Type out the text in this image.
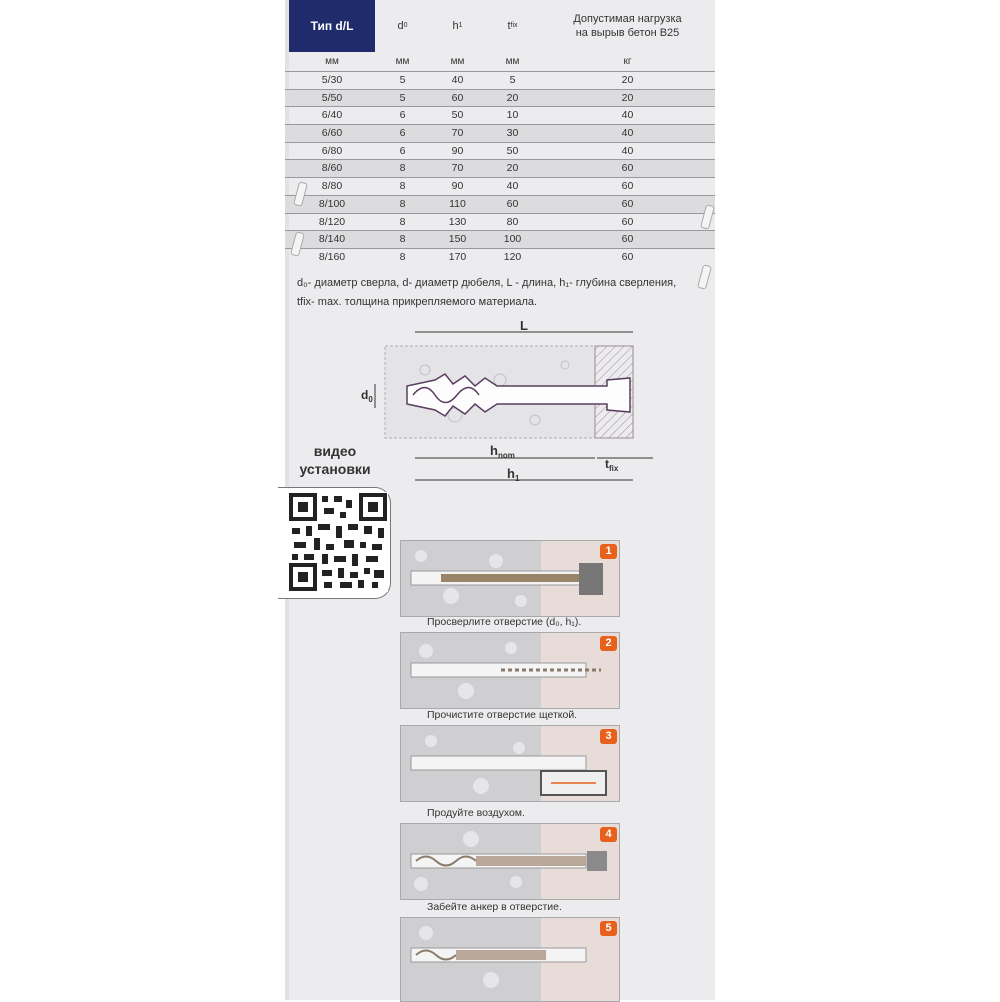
Тип d/L	d 0	h 1	t fix
Допустимая нагрузка
на вырыв бетон B25
мм	мм	мм	мм	кг
5/30	5	40	5	20
5/50	5	60	20	20
6/40	6	50	10	40
6/60	6	70	30	40
6/80	6	90	50	40
8/60	8	70	20	60
8/80	8	90	40	60
8/100	8	110	60	60
8/120	8	130	80	60
8/140	8	150	100	60
8/160	8	170	120	60
d₀- диаметр сверла, d- диаметр дюбеля, L - длина, h₁- глубина сверления,
tfix- max. толщина прикрепляемого материала.
L
$d_0$
$h_{nom}$
$h_1$
$t_{fix}$
видео
установки
1
Просверлите отверстие (d₀, h₁).
2
Прочистите отверстие щеткой.
3
Продуйте воздухом.
4
Забейте анкер в отверстие.
5
